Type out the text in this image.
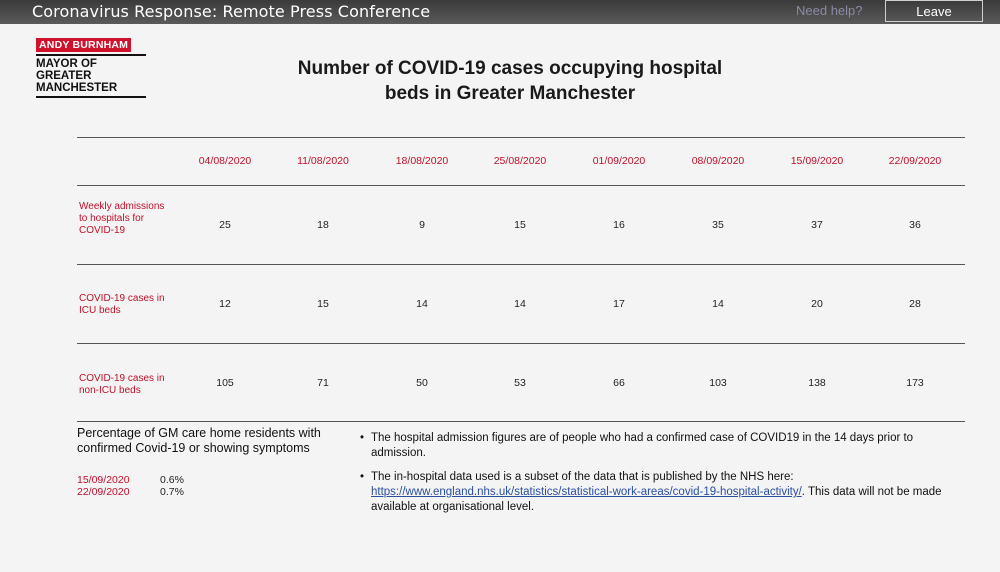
Coronavirus Response: Remote Press Conference	Need help?	Leave
ANDY BURNHAM
MAYOR OF
GREATER
MANCHESTER
Number of COVID-19 cases occupying hospital
beds in Greater Manchester
04/08/2020	11/08/2020	18/08/2020	25/08/2020	01/09/2020	08/09/2020	15/09/2020	22/09/2020
Weekly admissions to hospitals for COVID-19	25	18	9	15	16	35	37	36
COVID-19 cases in ICU beds
12	15	14	14	17	14	20	28
COVID-19 cases in non-ICU beds
105	71	50	53	66	103	138	173
Percentage of GM care home residents with confirmed Covid-19 or showing symptoms
15/09/2020	0.6%
22/09/2020	0.7%
• The hospital admission figures are of people who had a confirmed case of COVID19 in the 14 days prior to admission.
• The in-hospital data used is a subset of the data that is published by the NHS here: https://www.england.nhs.uk/statistics/statistical-work-areas/covid-19-hospital-activity/. This data will not be made available at organisational level.
